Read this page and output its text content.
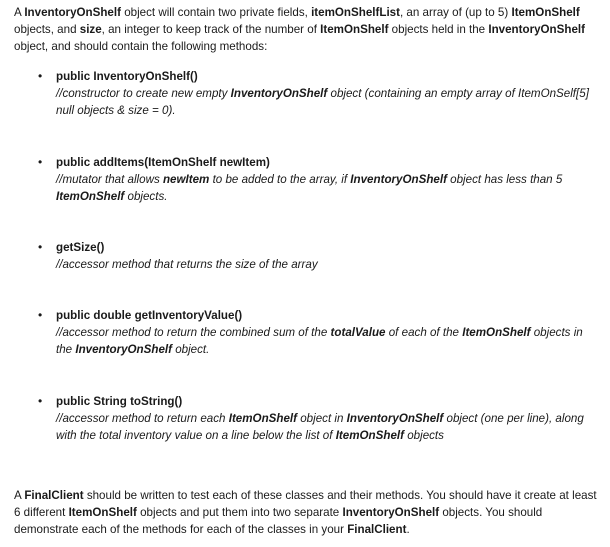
A InventoryOnShelf object will contain two private fields, itemOnShelfList, an array of (up to 5) ItemOnShelf objects, and size, an integer to keep track of the number of ItemOnShelf objects held in the InventoryOnShelf object, and should contain the following methods:

•	public InventoryOnShelf()
//constructor to create new empty InventoryOnShelf object (containing an empty array of ItemOnSelf[5] null objects & size = 0).
•	public addItems(ItemOnShelf newItem)
//mutator that allows newItem to be added to the array, if InventoryOnShelf object has less than 5 ItemOnShelf objects.
•	getSize()
//accessor method that returns the size of the array
•	public double getInventoryValue()
//accessor method to return the combined sum of the totalValue of each of the ItemOnShelf objects in the InventoryOnShelf object.
•	public String toString()
//accessor method to return each ItemOnShelf object in InventoryOnShelf object (one per line), along with the total inventory value on a line below the list of ItemOnShelf objects

A FinalClient should be written to test each of these classes and their methods. You should have it create at least 6 different ItemOnShelf objects and put them into two separate InventoryOnShelf objects. You should demonstrate each of the methods for each of the classes in your FinalClient.
